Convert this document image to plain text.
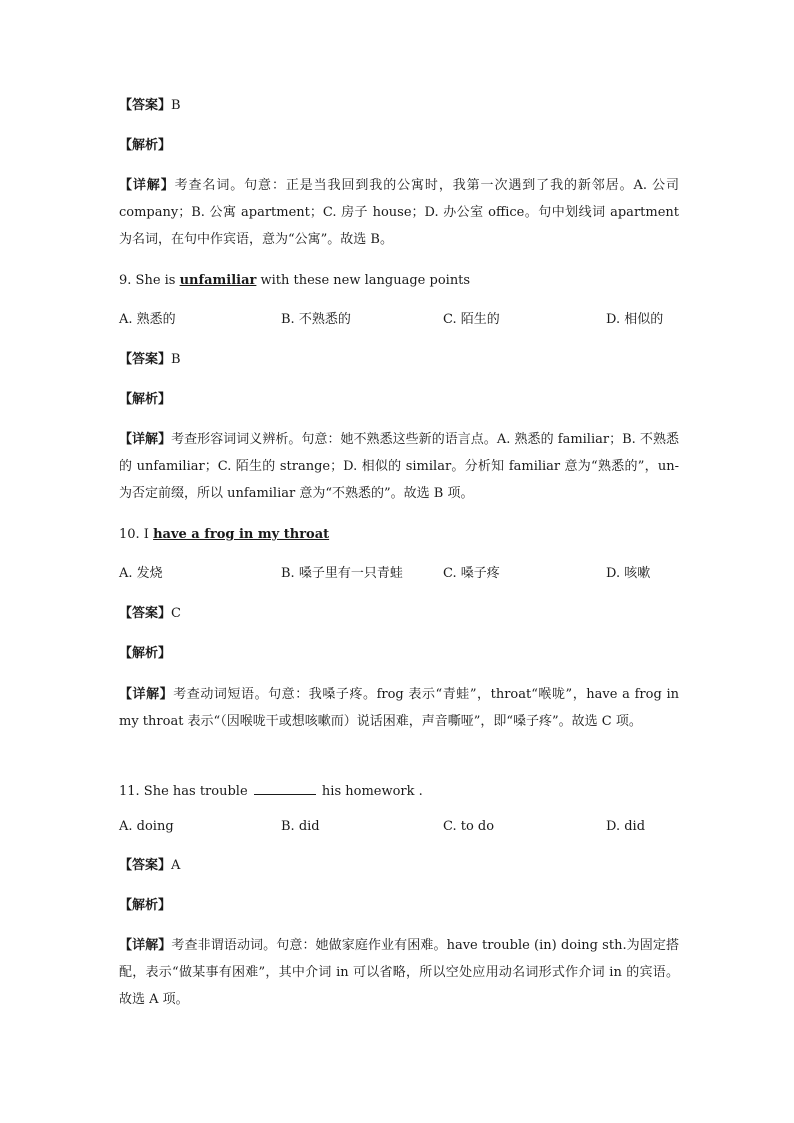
【答案】B
【解析】
【详解】考查名词。句意：正是当我回到我的公寓时，我第一次遇到了我的新邻居。A. 公司 company；B. 公寓 apartment；C. 房子 house；D. 办公室 office。句中划线词 apartment 为名词，在句中作宾语，意为“公寓”。故选 B。
9. She is unfamiliar with these new language points
A. 熟悉的	B. 不熟悉的	C. 陌生的	D. 相似的
【答案】B
【解析】
【详解】考查形容词词义辨析。句意：她不熟悉这些新的语言点。A. 熟悉的 familiar；B. 不熟悉的 unfamiliar；C. 陌生的 strange；D. 相似的 similar。分析知 familiar 意为“熟悉的”，un-为否定前缀，所以 unfamiliar 意为“不熟悉的”。故选 B 项。
10. I have a frog in my throat
A. 发烧	B. 嗓子里有一只青蛙	C. 嗓子疼	D. 咳嗽
【答案】C
【解析】
【详解】考查动词短语。句意：我嗓子疼。frog 表示“青蛙”，throat“喉咙”，have a frog in my throat 表示“（因喉咙干或想咳嗽而）说话困难，声音嘶哑”，即“嗓子疼”。故选 C 项。
11. She has trouble	his homework .
A. doing	B. did	C. to do	D. did
【答案】A
【解析】
【详解】考查非谓语动词。句意：她做家庭作业有困难。have trouble (in) doing sth.为固定搭配，表示“做某事有困难”，其中介词 in 可以省略，所以空处应用动名词形式作介词 in 的宾语。故选 A 项。
